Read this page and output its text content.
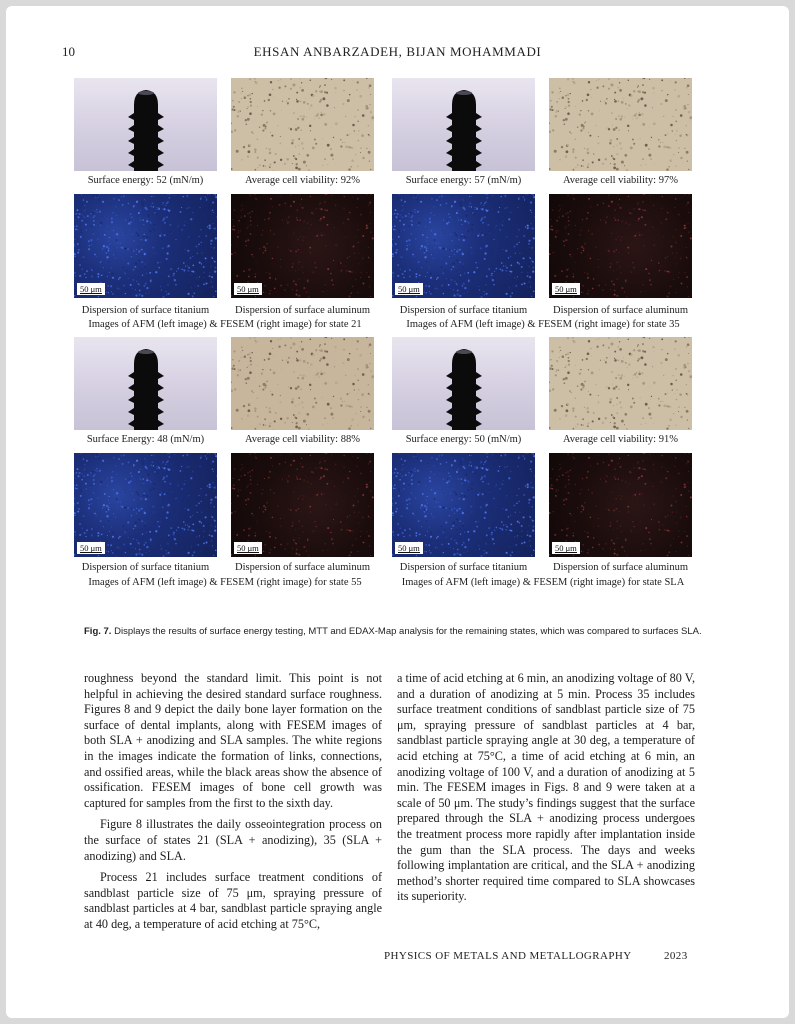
10	EHSAN ANBARZADEH, BIJAN MOHAMMADI
Surface energy: 52 (mN/m)	Average cell viability: 92%
50 μm	50 μm
Dispersion of surface titanium	Dispersion of surface aluminum
Images of AFM (left image) & FESEM (right image) for state 21
Surface energy: 57 (mN/m)	Average cell viability: 97%
50 μm	50 μm
Dispersion of surface titanium	Dispersion of surface aluminum
Images of AFM (left image) & FESEM (right image) for state 35
Surface Energy: 48 (mN/m)	Average cell viability: 88%
50 μm	50 μm
Dispersion of surface titanium	Dispersion of surface aluminum
Images of AFM (left image) & FESEM (right image) for state 55
Surface energy: 50 (mN/m)	Average cell viability: 91%
50 μm	50 μm
Dispersion of surface titanium	Dispersion of surface aluminum
Images of AFM (left image) & FESEM (right image) for state SLA
Fig. 7. Displays the results of surface energy testing, MTT and EDAX-Map analysis for the remaining states, which was compared to surfaces SLA.

roughness beyond the standard limit. This point is not helpful in achieving the desired standard surface roughness. Figures 8 and 9 depict the daily bone layer formation on the surface of dental implants, along with FESEM images of both SLA + anodizing and SLA samples. The white regions in the images indicate the formation of links, connections, and ossified areas, while the black areas show the absence of ossification. FESEM images of bone cell growth was captured for samples from the first to the sixth day.

Figure 8 illustrates the daily osseointegration process on the surface of states 21 (SLA + anodizing), 35 (SLA + anodizing) and SLA.

Process 21 includes surface treatment conditions of sandblast particle size of 75 μm, spraying pressure of sandblast particles at 4 bar, sandblast particle spraying angle at 40 deg, a temperature of acid etching at 75°C,

a time of acid etching at 6 min, an anodizing voltage of 80 V, and a duration of anodizing at 5 min. Process 35 includes surface treatment conditions of sandblast particle size of 75 μm, spraying pressure of sandblast particles at 4 bar, sandblast particle spraying angle at 30 deg, a temperature of acid etching at 75°C, a time of acid etching at 6 min, an anodizing voltage of 100 V, and a duration of anodizing at 5 min. The FESEM images in Figs. 8 and 9 were taken at a scale of 50 μm. The study’s findings suggest that the surface prepared through the SLA + anodizing process undergoes the treatment process more rapidly after implantation inside the gum than the SLA process. The days and weeks following implantation are critical, and the SLA + anodizing method’s shorter required time compared to SLA showcases its superiority.

PHYSICS OF METALS AND METALLOGRAPHY	2023
